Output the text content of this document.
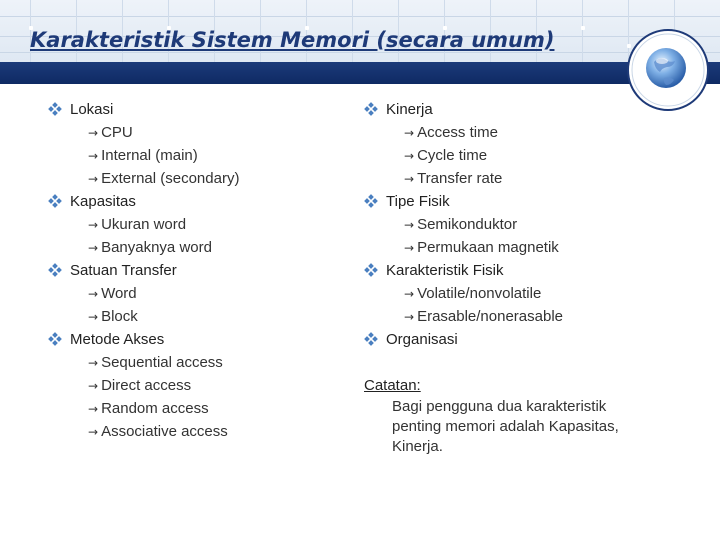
Karakteristik Sistem Memori (secara umum)
Lokasi
→ CPU
→ Internal (main)
→ External (secondary)
Kapasitas
→ Ukuran word
→ Banyaknya word
Satuan Transfer
→ Word
→ Block
Metode Akses
→ Sequential access
→ Direct access
→ Random access
→ Associative access
Kinerja
→ Access time
→ Cycle time
→ Transfer rate
Tipe Fisik
→ Semikonduktor
→ Permukaan magnetik
Karakteristik Fisik
→ Volatile/nonvolatile
→ Erasable/nonerasable
Organisasi
Catatan:
Bagi pengguna dua karakteristik penting memori adalah Kapasitas, Kinerja.
